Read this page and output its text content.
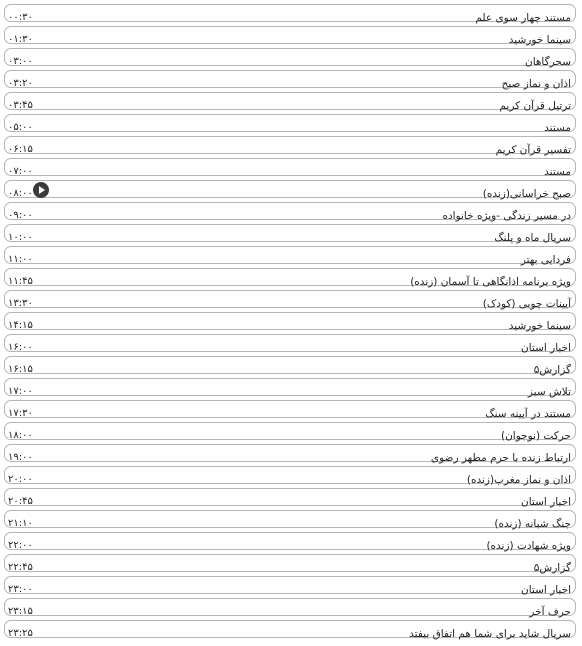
مستند چهار سوی علم
۰۰:۳۰
سینما خورشید
۰۱:۳۰
سحرگاهان
۰۳:۰۰
اذان و نماز صبح
۰۳:۲۰
ترتیل قرآن کریم
۰۳:۴۵
مستند
۰۵:۰۰
تفسیر قرآن کریم
۰۶:۱۵
مستند
۰۷:۰۰
صبح خراسانی(زنده)
۰۸:۰۰
در مسیر زندگی -ویژه خانواده
۰۹:۰۰
سریال ماه و پلنگ
۱۰:۰۰
فردایی بهتر
۱۱:۰۰
ویژه برنامه اذانگاهی تا آسمان (زنده)
۱۱:۴۵
آیینات چوبی (کودک)
۱۳:۳۰
سینما خورشید
۱۴:۱۵
اخبار استان
۱۶:۰۰
گزارش۵
۱۶:۱۵
تلاش سبز
۱۷:۰۰
مستند در آیینه سنگ
۱۷:۳۰
حرکت (نوجوان)
۱۸:۰۰
ارتباط زنده با حرم مطهر رضوی
۱۹:۰۰
اذان و نماز مغرب(زنده)
۲۰:۰۰
اخبار استان
۲۰:۴۵
جنگ شبانه (زنده)
۲۱:۱۰
ویژه شهادت (زنده)
۲۲:۰۰
گزارش۵
۲۲:۴۵
اخبار استان
۲۳:۰۰
حرف آخر
۲۳:۱۵
سریال شاید برای شما هم اتفاق بیفتد
۲۳:۲۵
